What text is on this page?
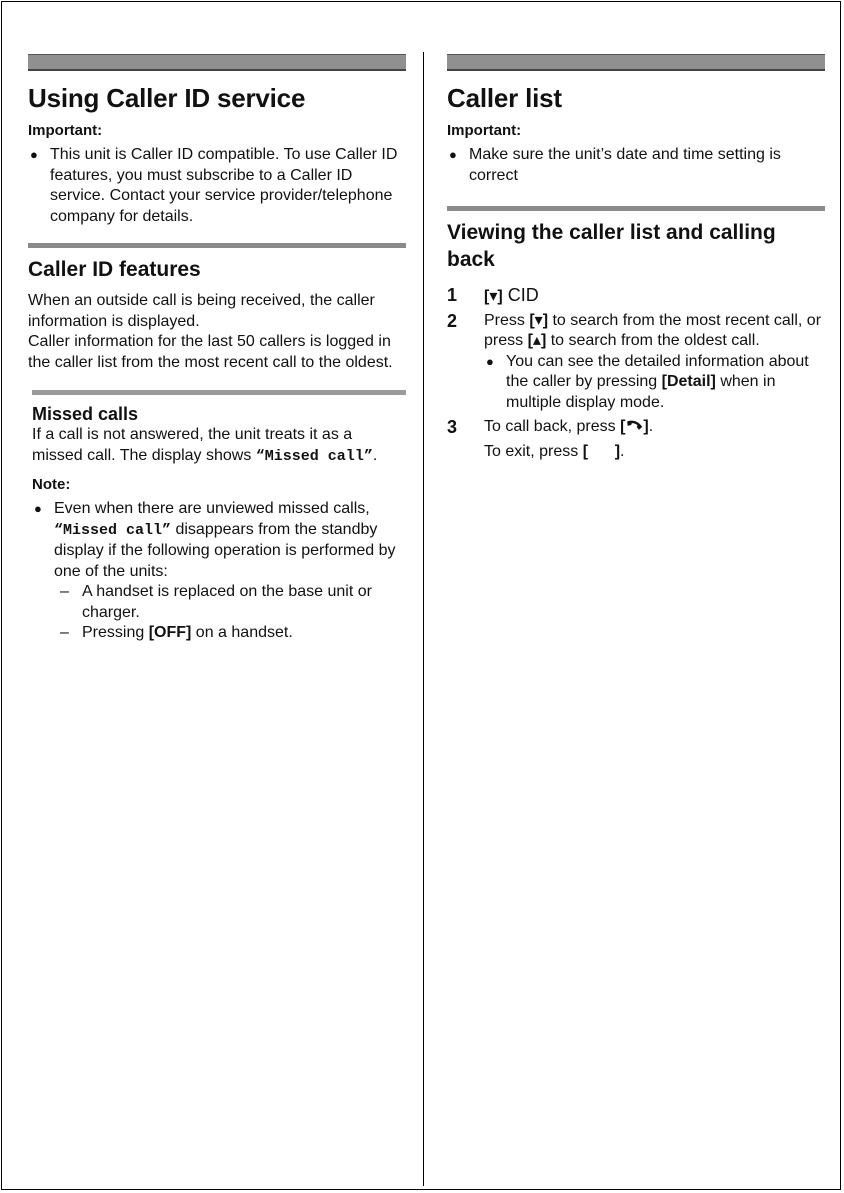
Using Caller ID service
Important:
● This unit is Caller ID compatible. To use Caller ID features, you must subscribe to a Caller ID service. Contact your service provider/telephone company for details.
Caller ID features

When an outside call is being received, the caller information is displayed.

Caller information for the last 50 callers is logged in the caller list from the most recent call to the oldest.

Missed calls

If a call is not answered, the unit treats it as a missed call. The display shows “Missed call”.

Note:
● Even when there are unviewed missed calls, “Missed call” disappears from the standby display if the following operation is performed by one of the units:
– A handset is replaced on the base unit or charger.
– Pressing [OFF] on a handset.
Caller list
Important:
● Make sure the unit’s date and time setting is correct
Viewing the caller list and calling back
1 [▾] CID
2 Press [▾] to search from the most recent call, or press [▴] to search from the oldest call.
● You can see the detailed information about the caller by pressing [Detail] when in multiple display mode.
3 To call back, press [ ].
To exit, press [      ].
